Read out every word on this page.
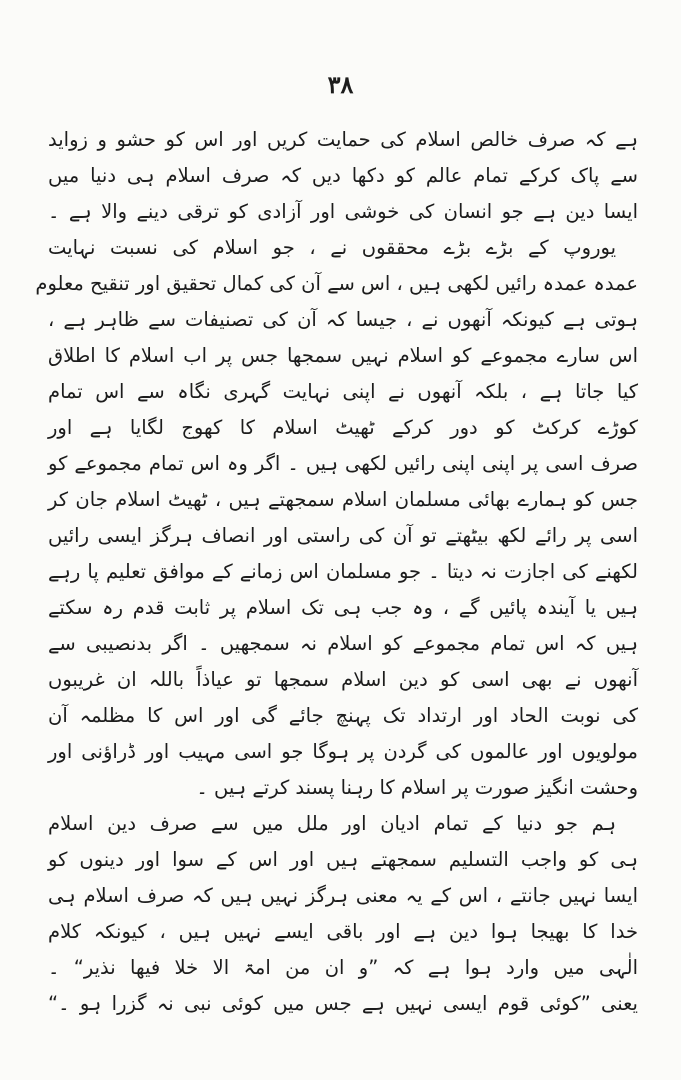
۳۸
ہے کہ صرف خالص اسلام کی حمایت کریں اور اس کو حشو و زواید
سے پاک کرکے تمام عالم کو دکھا دیں کہ صرف اسلام ہی دنیا میں
ایسا دین ہے جو انسان کی خوشی اور آزادی کو ترقی دینے والا ہے ۔
یوروپ کے بڑے بڑے محققوں نے ، جو اسلام کی نسبت نہایت
عمدہ عمدہ رائیں لکھی ہیں ، اس سے آن کی کمال تحقیق اور تنقیح معلوم
ہوتی ہے کیونکہ آنھوں نے ، جیسا کہ آن کی تصنیفات سے ظاہر ہے ،
اس سارے مجموعے کو اسلام نہیں سمجھا جس پر اب اسلام کا اطلاق
کیا جاتا ہے ، بلکہ آنھوں نے اپنی نہایت گہری نگاہ سے اس تمام
کوڑے کرکٹ کو دور کرکے ٹھیٹ اسلام کا کھوج لگایا ہے اور
صرف اسی پر اپنی اپنی رائیں لکھی ہیں ۔ اگر وہ اس تمام مجموعے کو
جس کو ہمارے بھائی مسلمان اسلام سمجھتے ہیں ، ٹھیٹ اسلام جان کر
اسی پر رائے لکھ بیٹھتے تو آن کی راستی اور انصاف ہرگز ایسی رائیں
لکھنے کی اجازت نہ دیتا ۔ جو مسلمان اس زمانے کے موافق تعلیم پا رہے
ہیں یا آیندہ پائیں گے ، وہ جب ہی تک اسلام پر ثابت قدم رہ سکتے
ہیں کہ اس تمام مجموعے کو اسلام نہ سمجھیں ۔ اگر بدنصیبی سے
آنھوں نے بھی اسی کو دین اسلام سمجھا تو عیاذاً باللہ ان غریبوں
کی نوبت الحاد اور ارتداد تک پہنچ جائے گی اور اس کا مظلمہ آن
مولویوں اور عالموں کی گردن پر ہوگا جو اسی مہیب اور ڈراؤنی اور
وحشت انگیز صورت پر اسلام کا رہنا پسند کرتے ہیں ۔
ہم جو دنیا کے تمام ادیان اور ملل میں سے صرف دین اسلام
ہی کو واجب التسلیم سمجھتے ہیں اور اس کے سوا اور دینوں کو
ایسا نہیں جانتے ، اس کے یہ معنی ہرگز نہیں ہیں کہ صرف اسلام ہی
خدا کا بھیجا ہوا دین ہے اور باقی ایسے نہیں ہیں ، کیونکہ کلام
الٰہی میں وارد ہوا ہے کہ ”و ان من امۃ الا خلا فیھا نذیر“ ۔
یعنی ”کوئی قوم ایسی نہیں ہے جس میں کوئی نبی نہ گزرا ہو ۔“
